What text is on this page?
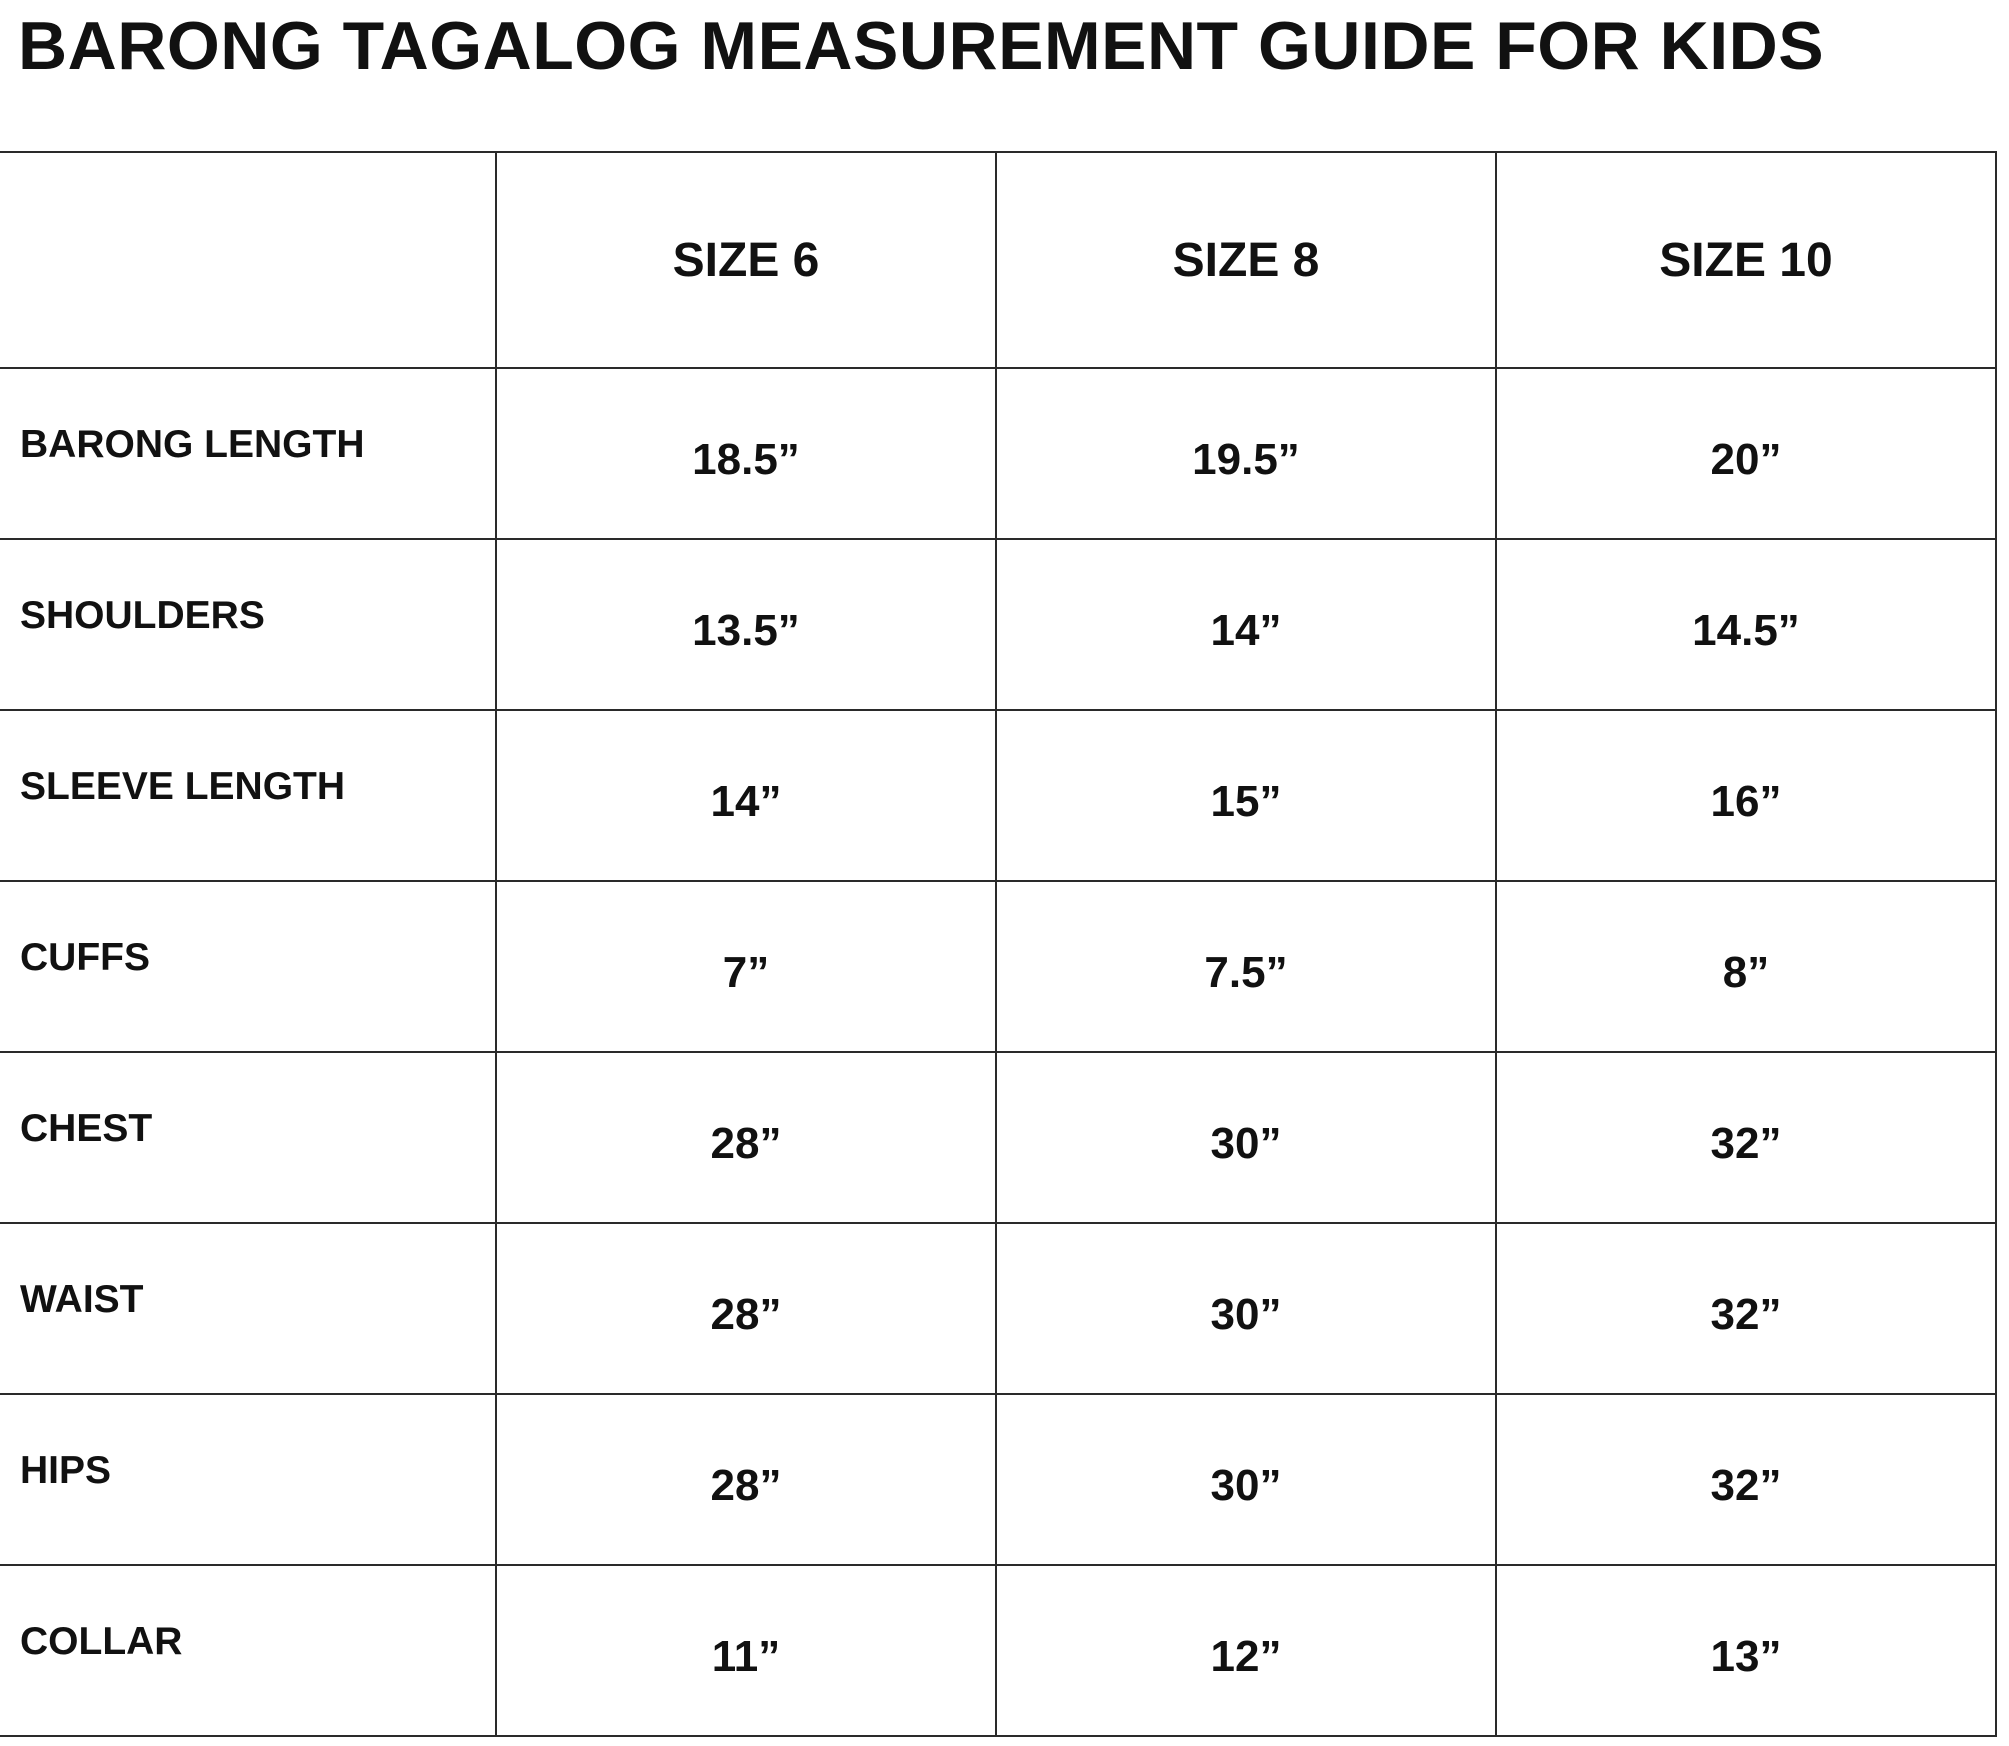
BARONG TAGALOG MEASUREMENT GUIDE FOR KIDS
	SIZE 6	SIZE 8	SIZE 10
BARONG LENGTH	18.5”	19.5”	20”
SHOULDERS	13.5”	14”	14.5”
SLEEVE LENGTH	14”	15”	16”
CUFFS	7”	7.5”	8”
CHEST	28”	30”	32”
WAIST	28”	30”	32”
HIPS	28”	30”	32”
COLLAR	11”	12”	13”
